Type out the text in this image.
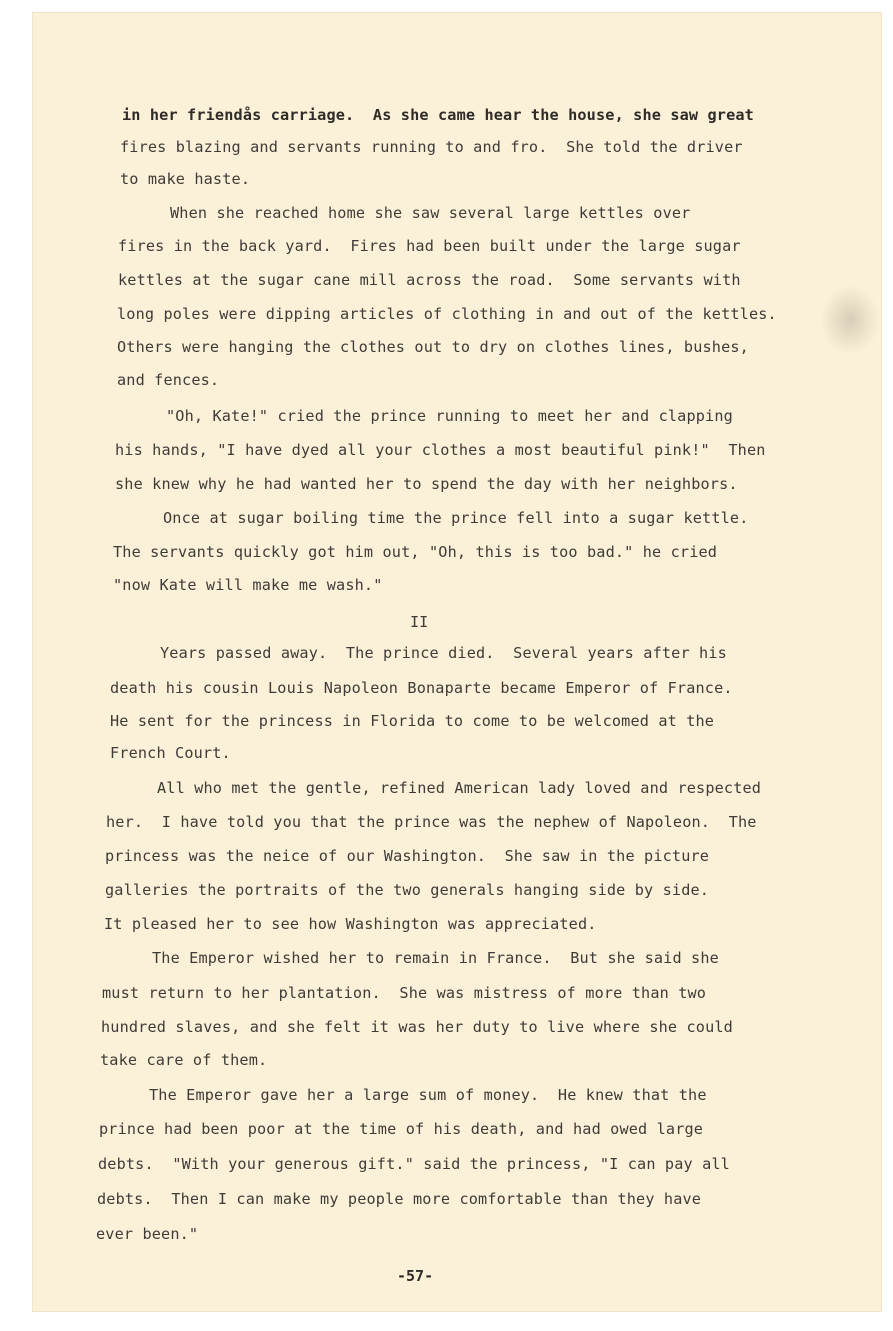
in her friendås carriage.  As she came hear the house, she saw great
fires blazing and servants running to and fro.  She told the driver
to make haste.
When she reached home she saw several large kettles over
fires in the back yard.  Fires had been built under the large sugar
kettles at the sugar cane mill across the road.  Some servants with
long poles were dipping articles of clothing in and out of the kettles.
Others were hanging the clothes out to dry on clothes lines, bushes,
and fences.
"Oh, Kate!" cried the prince running to meet her and clapping
his hands, "I have dyed all your clothes a most beautiful pink!"  Then
she knew why he had wanted her to spend the day with her neighbors.
Once at sugar boiling time the prince fell into a sugar kettle.
The servants quickly got him out, "Oh, this is too bad." he cried
"now Kate will make me wash."
II
Years passed away.  The prince died.  Several years after his
death his cousin Louis Napoleon Bonaparte became Emperor of France.
He sent for the princess in Florida to come to be welcomed at the
French Court.
All who met the gentle, refined American lady loved and respected
her.  I have told you that the prince was the nephew of Napoleon.  The
princess was the neice of our Washington.  She saw in the picture
galleries the portraits of the two generals hanging side by side.
It pleased her to see how Washington was appreciated.
The Emperor wished her to remain in France.  But she said she
must return to her plantation.  She was mistress of more than two
hundred slaves, and she felt it was her duty to live where she could
take care of them.
The Emperor gave her a large sum of money.  He knew that the
prince had been poor at the time of his death, and had owed large
debts.  "With your generous gift." said the princess, "I can pay all
debts.  Then I can make my people more comfortable than they have
ever been."
-57-
